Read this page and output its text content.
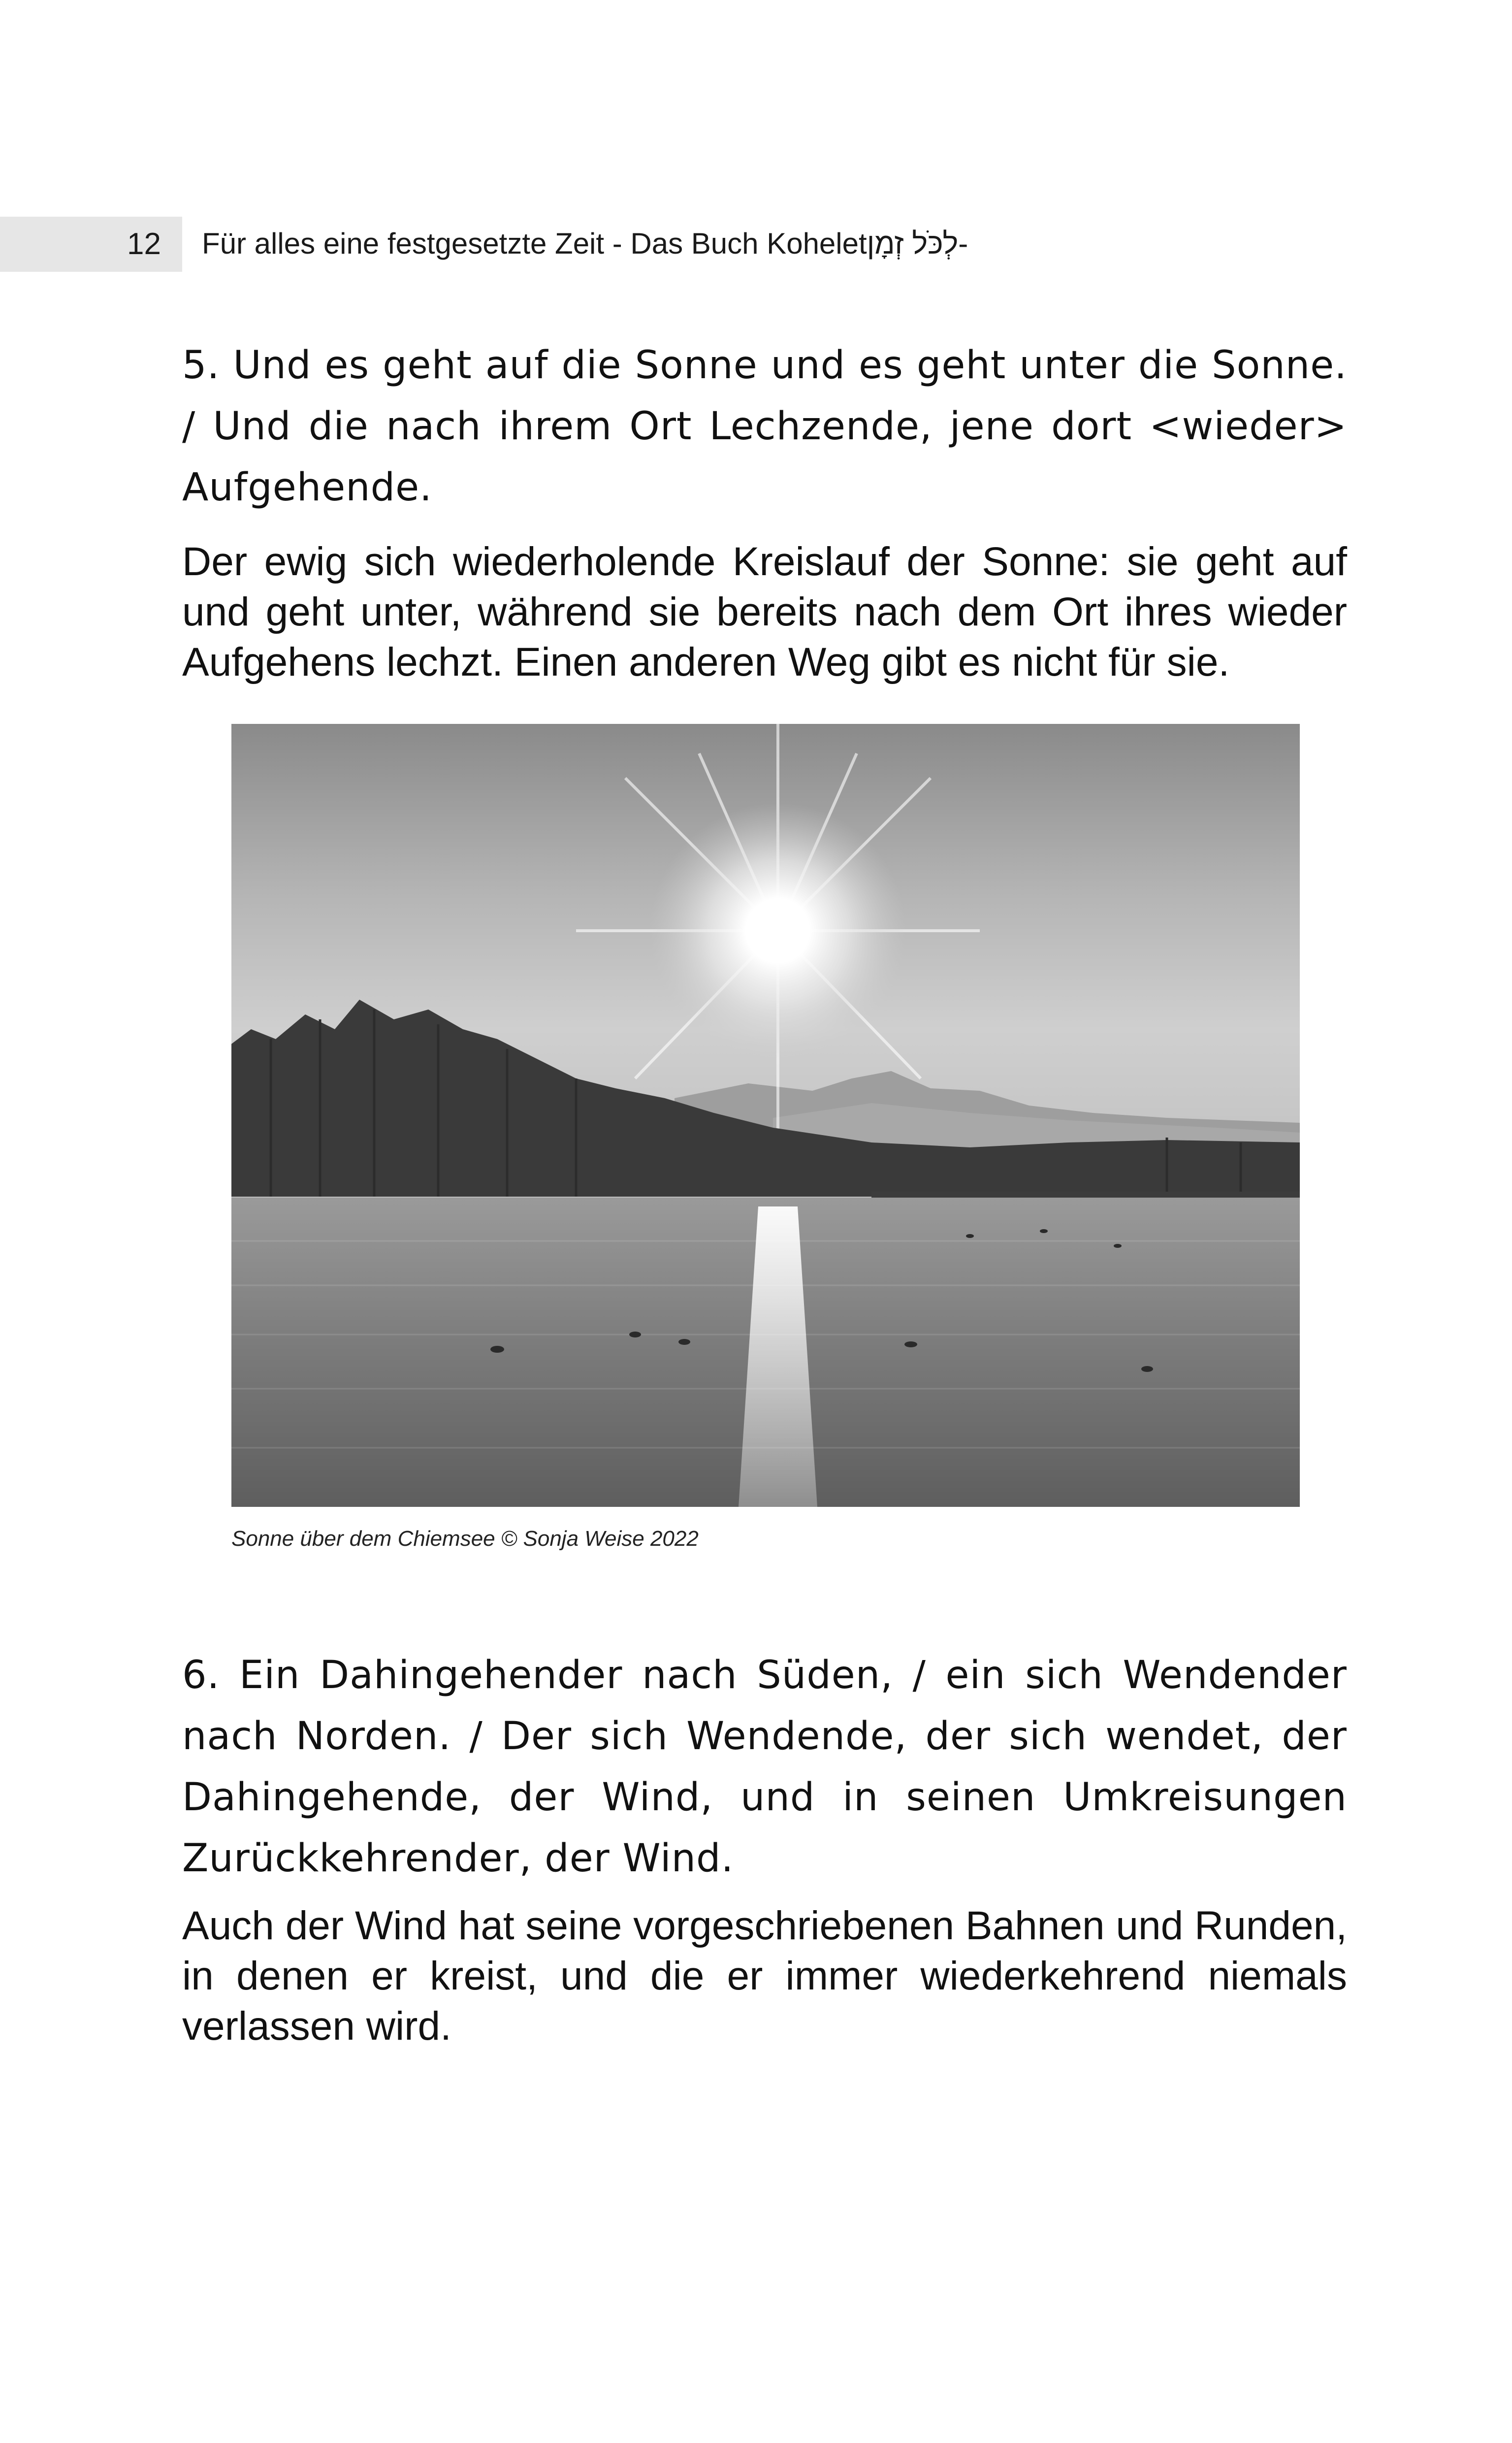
12	-לְכֹּל זְמָןFür alles eine festgesetzte Zeit - Das Buch Kohelet
5. Und es geht auf die Sonne und es geht unter die Sonne. / Und die nach ihrem Ort Lechzende, jene dort <wieder> Aufgehende.
Der ewig sich wiederholende Kreislauf der Sonne: sie geht auf und geht unter, während sie bereits nach dem Ort ihres wieder Aufgehens lechzt. Einen anderen Weg gibt es nicht für sie.
Sonne über dem Chiemsee © Sonja Weise 2022
6. Ein Dahingehender nach Süden, / ein sich Wendender nach Norden. / Der sich Wendende, der sich wendet, der Dahingehende, der Wind, und in seinen Umkreisungen Zurückkehrender, der Wind.
Auch der Wind hat seine vorgeschriebenen Bahnen und Runden, in denen er kreist, und die er immer wiederkehrend niemals verlassen wird.
